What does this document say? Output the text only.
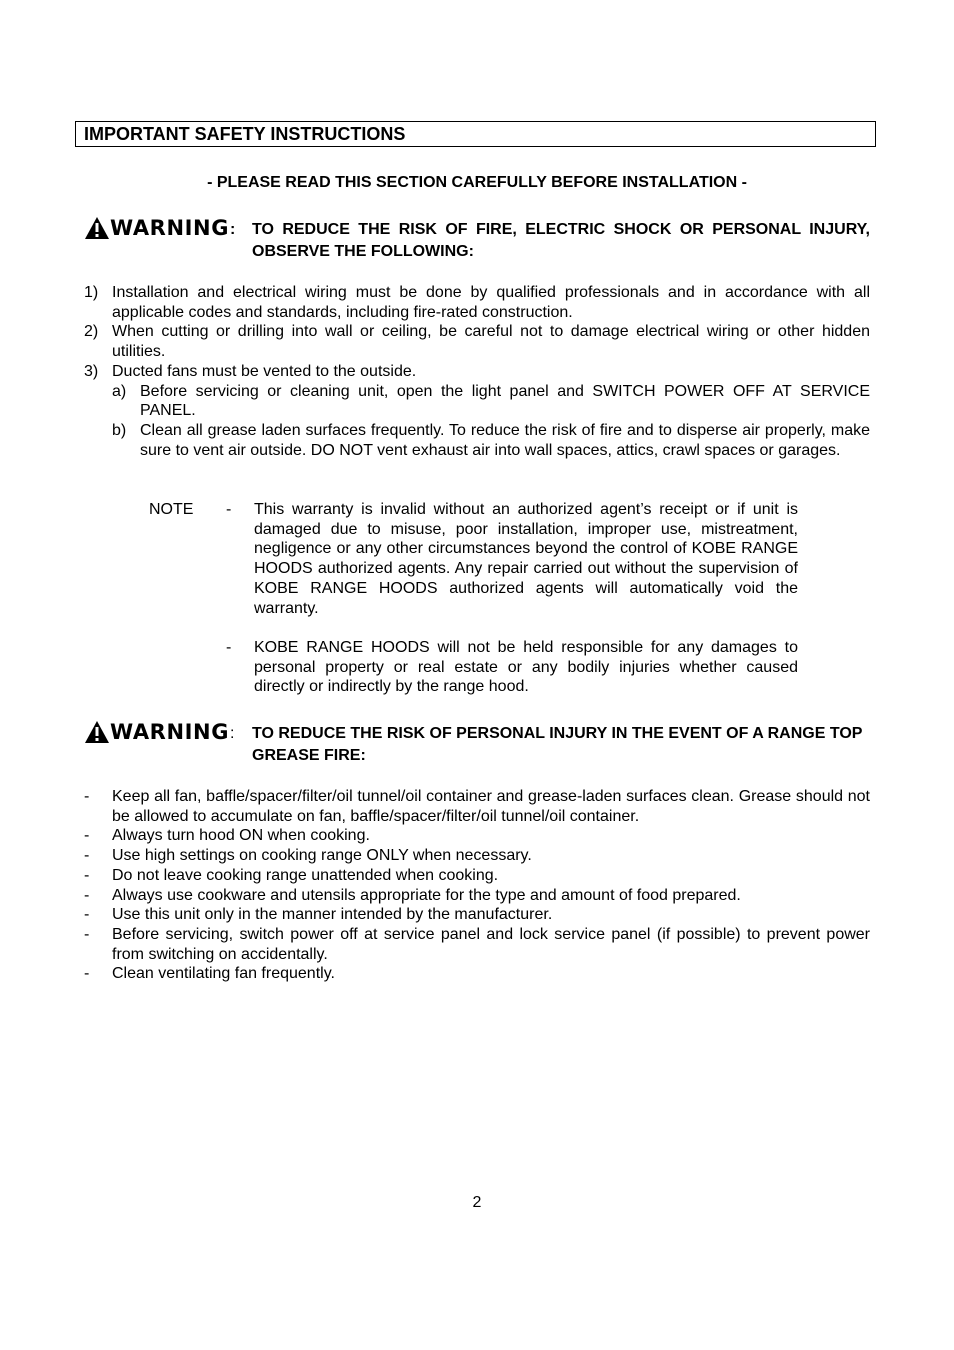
IMPORTANT SAFETY INSTRUCTIONS
- PLEASE READ THIS SECTION CAREFULLY BEFORE INSTALLATION -
WARNING : TO REDUCE THE RISK OF FIRE, ELECTRIC SHOCK OR PERSONAL INJURY, OBSERVE THE FOLLOWING:
1) Installation and electrical wiring must be done by qualified professionals and in accordance with all applicable codes and standards, including fire-rated construction.
2) When cutting or drilling into wall or ceiling, be careful not to damage electrical wiring or other hidden utilities.
3) Ducted fans must be vented to the outside.
a) Before servicing or cleaning unit, open the light panel and SWITCH POWER OFF AT SERVICE PANEL.
b) Clean all grease laden surfaces frequently. To reduce the risk of fire and to disperse air properly, make sure to vent air outside. DO NOT vent exhaust air into wall spaces, attics, crawl spaces or garages.
NOTE - This warranty is invalid without an authorized agent’s receipt or if unit is damaged due to misuse, poor installation, improper use, mistreatment, negligence or any other circumstances beyond the control of KOBE RANGE HOODS authorized agents. Any repair carried out without the supervision of KOBE RANGE HOODS authorized agents will automatically void the warranty.
- KOBE RANGE HOODS will not be held responsible for any damages to personal property or real estate or any bodily injuries whether caused directly or indirectly by the range hood.
WARNING : TO REDUCE THE RISK OF PERSONAL INJURY IN THE EVENT OF A RANGE TOP GREASE FIRE:
- Keep all fan, baffle/spacer/filter/oil tunnel/oil container and grease-laden surfaces clean. Grease should not be allowed to accumulate on fan, baffle/spacer/filter/oil tunnel/oil container.
- Always turn hood ON when cooking.
- Use high settings on cooking range ONLY when necessary.
- Do not leave cooking range unattended when cooking.
- Always use cookware and utensils appropriate for the type and amount of food prepared.
- Use this unit only in the manner intended by the manufacturer.
- Before servicing, switch power off at service panel and lock service panel (if possible) to prevent power from switching on accidentally.
- Clean ventilating fan frequently.
2
